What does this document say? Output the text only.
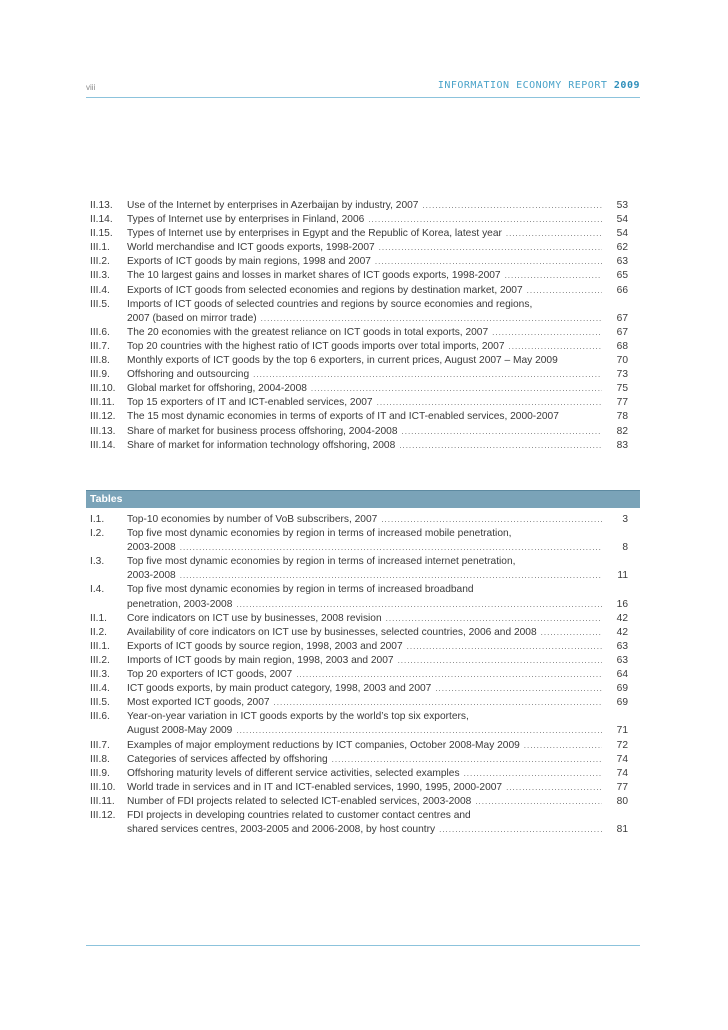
viii	INFORMATION ECONOMY REPORT 2009
II.13.	Use of the Internet by enterprises in Azerbaijan by industry, 2007 .....	53
II.14.	Types of Internet use by enterprises in Finland, 2006 .....	54
II.15.	Types of Internet use by enterprises in Egypt and the Republic of Korea, latest year .....	54
III.1.	World merchandise and ICT goods exports, 1998-2007 .....	62
III.2.	Exports of ICT goods by main regions, 1998 and 2007 .....	63
III.3.	The 10 largest gains and losses in market shares of ICT goods exports, 1998-2007 .....	65
III.4.	Exports of ICT goods from selected economies and regions by destination market, 2007 .....	66
III.5.	Imports of ICT goods of selected countries and regions by source economies and regions,
2007 (based on mirror trade) .....	67
III.6.	The 20 economies with the greatest reliance on ICT goods in total exports, 2007 .....	67
III.7.	Top 20 countries with the highest ratio of ICT goods imports over total imports, 2007 .....	68
III.8.	Monthly exports of ICT goods by the top 6 exporters, in current prices, August 2007 – May 2009	70
III.9.	Offshoring and outsourcing .....	73
III.10.	Global market for offshoring, 2004-2008 .....	75
III.11.	Top 15 exporters of IT and ICT-enabled services, 2007 .....	77
III.12.	The 15 most dynamic economies in terms of exports of IT and ICT-enabled services, 2000-2007	78
III.13.	Share of market for business process offshoring, 2004-2008 .....	82
III.14.	Share of market for information technology offshoring, 2008 .....	83
Tables
I.1.	Top-10 economies by number of VoB subscribers, 2007 .....	3
I.2.	Top five most dynamic economies by region in terms of increased mobile penetration,
2003-2008 .....	8
I.3.	Top five most dynamic economies by region in terms of increased internet penetration,
2003-2008 .....	11
I.4.	Top five most dynamic economies by region in terms of increased broadband
penetration, 2003-2008 .....	16
II.1.	Core indicators on ICT use by businesses, 2008 revision .....	42
II.2.	Availability of core indicators on ICT use by businesses, selected countries, 2006 and 2008 .....	42
III.1.	Exports of ICT goods by source region, 1998, 2003 and 2007 .....	63
III.2.	Imports of ICT goods by main region, 1998, 2003 and 2007 .....	63
III.3.	Top 20 exporters of ICT goods, 2007 .....	64
III.4.	ICT goods exports, by main product category, 1998, 2003 and 2007 .....	69
III.5.	Most exported ICT goods, 2007 .....	69
III.6.	Year-on-year variation in ICT goods exports by the world’s top six exporters,
August 2008-May 2009 .....	71
III.7.	Examples of major employment reductions by ICT companies, October 2008-May 2009 .....	72
III.8.	Categories of services affected by offshoring .....	74
III.9.	Offshoring maturity levels of different service activities, selected examples .....	74
III.10.	World trade in services and in IT and ICT-enabled services, 1990, 1995, 2000-2007 .....	77
III.11.	Number of FDI projects related to selected ICT-enabled services, 2003-2008 .....	80
III.12.	FDI projects in developing countries related to customer contact centres and
shared services centres, 2003-2005 and 2006-2008, by host country .....	81
